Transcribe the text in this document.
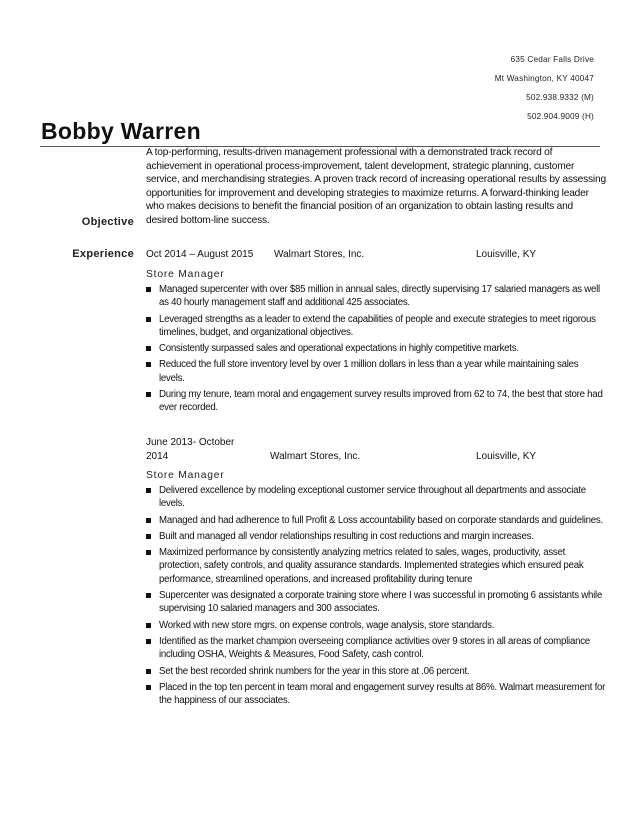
635 Cedar Falls Drive
Mt Washington, KY 40047
502.938.9332 (M)
502.904.9009 (H)
Bobby Warren
Objective
A top-performing, results-driven management professional with a demonstrated track record of achievement in operational process-improvement, talent development, strategic planning, customer service, and merchandising strategies. A proven track record of increasing operational results by assessing opportunities for improvement and developing strategies to maximize returns. A forward-thinking leader who makes decisions to benefit the financial position of an organization to obtain lasting results and desired bottom-line success.
Experience Oct 2014 – August 2015 Walmart Stores, Inc.	Louisville, KY
Store Manager
Managed supercenter with over $85 million in annual sales, directly supervising 17 salaried managers as well as 40 hourly management staff and additional 425 associates.
Leveraged strengths as a leader to extend the capabilities of people and execute strategies to meet rigorous timelines, budget, and organizational objectives.
Consistently surpassed sales and operational expectations in highly competitive markets.
Reduced the full store inventory level by over 1 million dollars in less than a year while maintaining sales levels.
During my tenure, team moral and engagement survey results improved from 62 to 74, the best that store had ever recorded.
June 2013- October 2014	Walmart Stores, Inc.	Louisville, KY
Store Manager
Delivered excellence by modeling exceptional customer service throughout all departments and associate levels.
Managed and had adherence to full Profit & Loss accountability based on corporate standards and guidelines.
Built and managed all vendor relationships resulting in cost reductions and margin increases.
Maximized performance by consistently analyzing metrics related to sales, wages, productivity, asset protection, safety controls, and quality assurance standards. Implemented strategies which ensured peak performance, streamlined operations, and increased profitability during tenure
Supercenter was designated a corporate training store where I was successful in promoting 6 assistants while supervising 10 salaried managers and 300 associates.
Worked with new store mgrs. on expense controls, wage analysis, store standards.
Identified as the market champion overseeing compliance activities over 9 stores in all areas of compliance including OSHA, Weights & Measures, Food Safety, cash control.
Set the best recorded shrink numbers for the year in this store at .06 percent.
Placed in the top ten percent in team moral and engagement survey results at 86%. Walmart measurement for the happiness of our associates.
